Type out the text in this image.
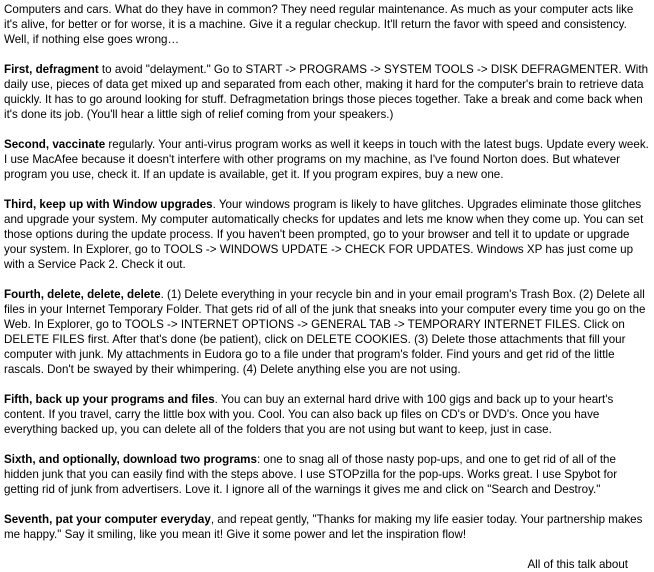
Computers and cars. What do they have in common? They need regular maintenance. As much as your computer acts like it's alive, for better or for worse, it is a machine. Give it a regular checkup. It'll return the favor with speed and consistency. Well, if nothing else goes wrong…

First, defragment to avoid "delayment." Go to START -> PROGRAMS -> SYSTEM TOOLS -> DISK DEFRAGMENTER. With daily use, pieces of data get mixed up and separated from each other, making it hard for the computer's brain to retrieve data quickly. It has to go around looking for stuff. Defragmetation brings those pieces together. Take a break and come back when it's done its job. (You'll hear a little sigh of relief coming from your speakers.)

Second, vaccinate regularly. Your anti-virus program works as well it keeps in touch with the latest bugs. Update every week. I use MacAfee because it doesn't interfere with other programs on my machine, as I've found Norton does. But whatever program you use, check it. If an update is available, get it. If you program expires, buy a new one.

Third, keep up with Window upgrades. Your windows program is likely to have glitches. Upgrades eliminate those glitches and upgrade your system. My computer automatically checks for updates and lets me know when they come up. You can set those options during the update process. If you haven't been prompted, go to your browser and tell it to update or upgrade your system. In Explorer, go to TOOLS -> WINDOWS UPDATE -> CHECK FOR UPDATES. Windows XP has just come up with a Service Pack 2. Check it out.

Fourth, delete, delete, delete. (1) Delete everything in your recycle bin and in your email program's Trash Box. (2) Delete all files in your Internet Temporary Folder. That gets rid of all of the junk that sneaks into your computer every time you go on the Web. In Explorer, go to TOOLS -> INTERNET OPTIONS -> GENERAL TAB -> TEMPORARY INTERNET FILES. Click on DELETE FILES first. After that's done (be patient), click on DELETE COOKIES. (3) Delete those attachments that fill your computer with junk. My attachments in Eudora go to a file under that program's folder. Find yours and get rid of the little rascals. Don't be swayed by their whimpering. (4) Delete anything else you are not using.

Fifth, back up your programs and files. You can buy an external hard drive with 100 gigs and back up to your heart's content. If you travel, carry the little box with you. Cool. You can also back up files on CD's or DVD's. Once you have everything backed up, you can delete all of the folders that you are not using but want to keep, just in case.

Sixth, and optionally, download two programs: one to snag all of those nasty pop-ups, and one to get rid of all of the hidden junk that you can easily find with the steps above. I use STOPzilla for the pop-ups. Works great. I use Spybot for getting rid of junk from advertisers. Love it. I ignore all of the warnings it gives me and click on "Search and Destroy."

Seventh, pat your computer everyday, and repeat gently, "Thanks for making my life easier today. Your partnership makes me happy." Say it smiling, like you mean it! Give it some power and let the inspiration flow!

All of this talk about
